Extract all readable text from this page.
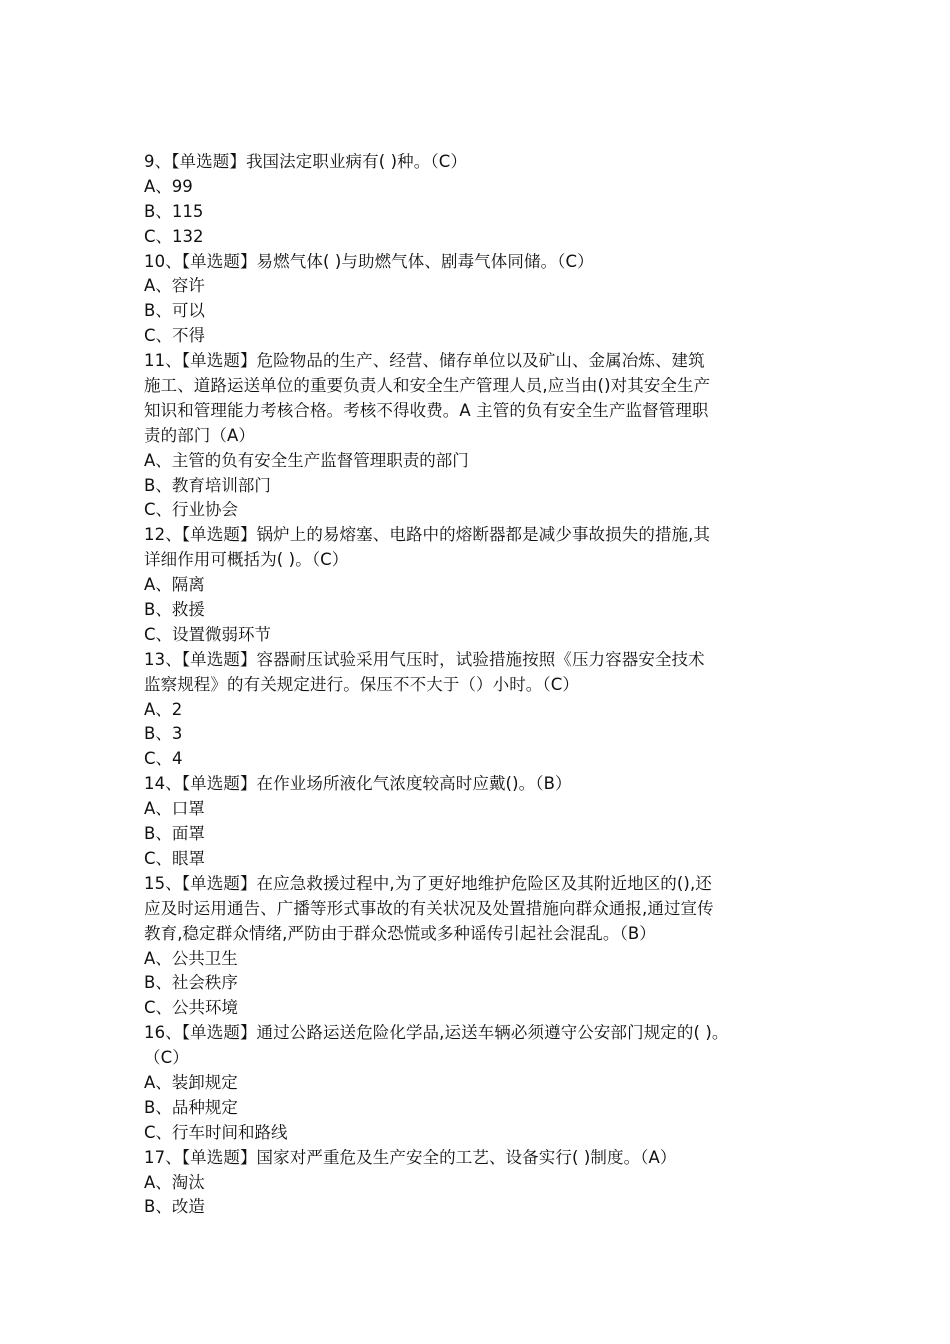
9、【单选题】我国法定职业病有( )种。（C）
A、99
B、115
C、132
10、【单选题】易燃气体( )与助燃气体、剧毒气体同储。（C）
A、容许
B、可以
C、不得
11、【单选题】危险物品的生产、经营、储存单位以及矿山、金属冶炼、建筑
施工、道路运送单位的重要负责人和安全生产管理人员,应当由()对其安全生产
知识和管理能力考核合格。考核不得收费。A 主管的负有安全生产监督管理职
责的部门（A）
A、主管的负有安全生产监督管理职责的部门
B、教育培训部门
C、行业协会
12、【单选题】锅炉上的易熔塞、电路中的熔断器都是减少事故损失的措施,其
详细作用可概括为( )。（C）
A、隔离
B、救援
C、设置微弱环节
13、【单选题】容器耐压试验采用气压时，试验措施按照《压力容器安全技术
监察规程》的有关规定进行。保压不不大于（）小时。（C）
A、2
B、3
C、4
14、【单选题】在作业场所液化气浓度较高时应戴()。（B）
A、口罩
B、面罩
C、眼罩
15、【单选题】在应急救援过程中,为了更好地维护危险区及其附近地区的(),还
应及时运用通告、广播等形式事故的有关状况及处置措施向群众通报,通过宣传
教育,稳定群众情绪,严防由于群众恐慌或多种谣传引起社会混乱。（B）
A、公共卫生
B、社会秩序
C、公共环境
16、【单选题】通过公路运送危险化学品,运送车辆必须遵守公安部门规定的( )。
（C）
A、装卸规定
B、品种规定
C、行车时间和路线
17、【单选题】国家对严重危及生产安全的工艺、设备实行( )制度。（A）
A、淘汰
B、改造
